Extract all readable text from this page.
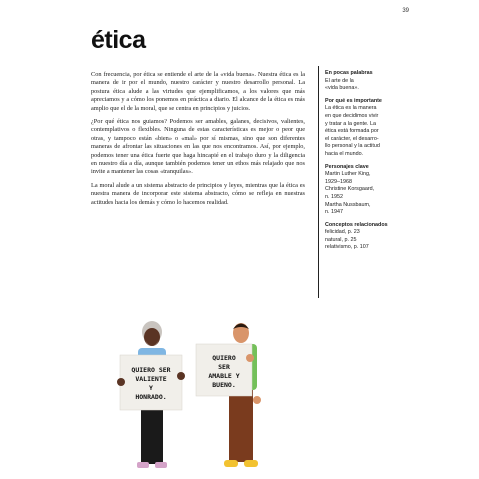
39
ética

Con frecuencia, por ética se entiende el arte de la «vida buena». Nuestra ética es la manera de ir por el mundo, nuestro carácter y nuestro desarrollo personal. La postura ética alude a las virtudes que ejemplificamos, a los valores que más apreciamos y a cómo los ponemos en práctica a diario. El alcance de la ética es más amplio que el de la moral, que se centra en principios y juicios.

¿Por qué ética nos guiamos? Podemos ser amables, galanes, decisivos, valientes, contemplativos o flexibles. Ninguna de estas características es mejor o peor que otras, y tampoco están «bien» o «mal» por sí mismas, sino que son diferentes maneras de afrontar las situaciones en las que nos encontramos. Así, por ejemplo, podemos tener una ética fuerte que haga hincapié en el trabajo duro y la diligencia en nuestro día a día, aunque también podemos tener un ethos más relajado que nos invite a mantener las cosas «tranquilas».

La moral alude a un sistema abstracto de principios y leyes, mientras que la ética es nuestra manera de incorporar este sistema abstracto, cómo se refleja en nuestras actitudes hacia los demás y cómo lo hacemos realidad.

En pocas palabras
El arte de la
«vida buena».
Por qué es importante
La ética es la manera
en que decidimos vivir
y tratar a la gente. La
ética está formada por
el carácter, el desarro-
llo personal y la actitud
hacia el mundo.
Personajes clave
Martin Luther King,
1929–1968
Christine Korsgaard,
n. 1952
Martha Nussbaum,
n. 1947
Conceptos relacionados
felicidad, p. 23
natural, p. 25
relativismo, p. 107
QUIERO SER
VALIENTE
Y
HONRADO.
QUIERO
SER
AMABLE Y
BUENO.
